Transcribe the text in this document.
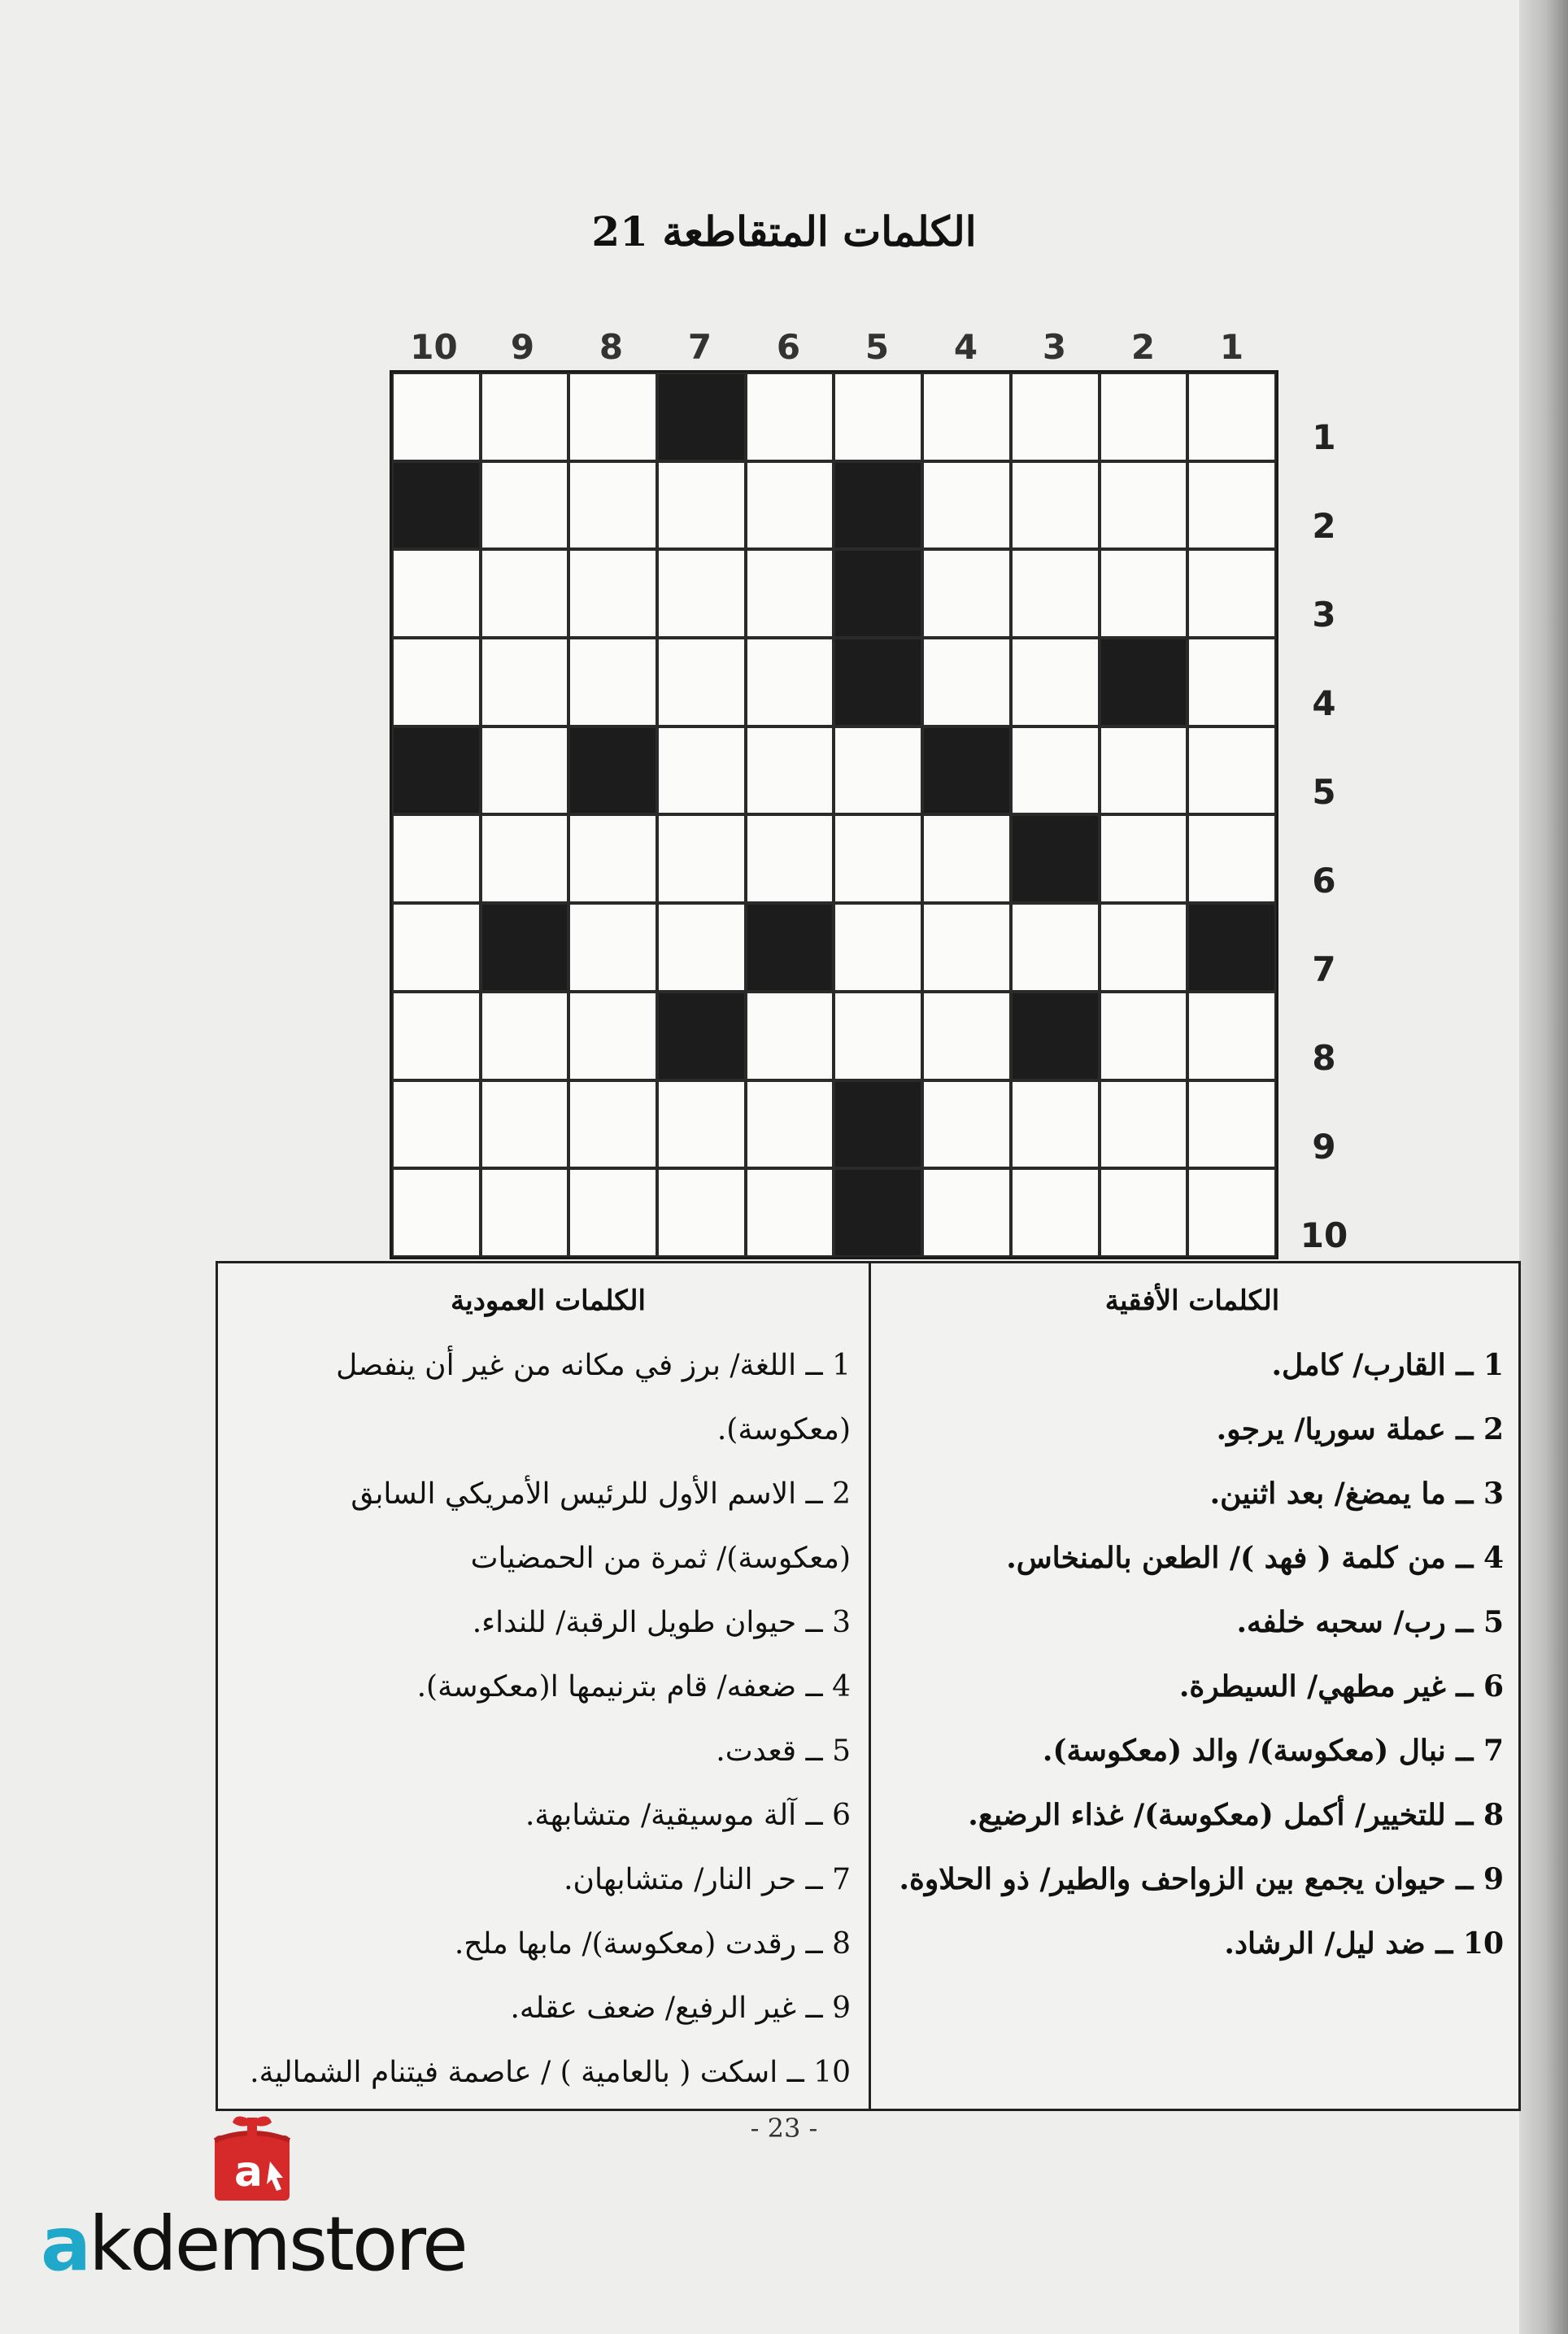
الكلمات المتقاطعة 21
10	9	8	7	6	5	4	3	2	1
1
2
3
4
5
6
7
8
9
10
الكلمات الأفقية
1 ــ القارب/ كامل.
2 ــ عملة سوريا/ يرجو.
3 ــ ما يمضغ/ بعد اثنين.
4 ــ من كلمة ( فهد )/ الطعن بالمنخاس.
5 ــ رب/ سحبه خلفه.
6 ــ غير مطهي/ السيطرة.
7 ــ نبال (معكوسة)/ والد (معكوسة).
8 ــ للتخيير/ أكمل (معكوسة)/ غذاء الرضيع.
9 ــ حيوان يجمع بين الزواحف والطير/ ذو الحلاوة.
10 ــ ضد ليل/ الرشاد.
الكلمات العمودية
1 ــ اللغة/ برز في مكانه من غير أن ينفصل
(معكوسة).
2 ــ الاسم الأول للرئيس الأمريكي السابق
(معكوسة)/ ثمرة من الحمضيات
3 ــ حيوان طويل الرقبة/ للنداء.
4 ــ ضعفه/ قام بترنيمها ا(معكوسة).
5 ــ قعدت.
6 ــ آلة موسيقية/ متشابهة.
7 ــ حر النار/ متشابهان.
8 ــ رقدت (معكوسة)/ مابها ملح.
9 ــ غير الرفيع/ ضعف عقله.
10 ــ اسكت ( بالعامية ) / عاصمة فيتنام الشمالية.
- 23 -
a
akdemstore
